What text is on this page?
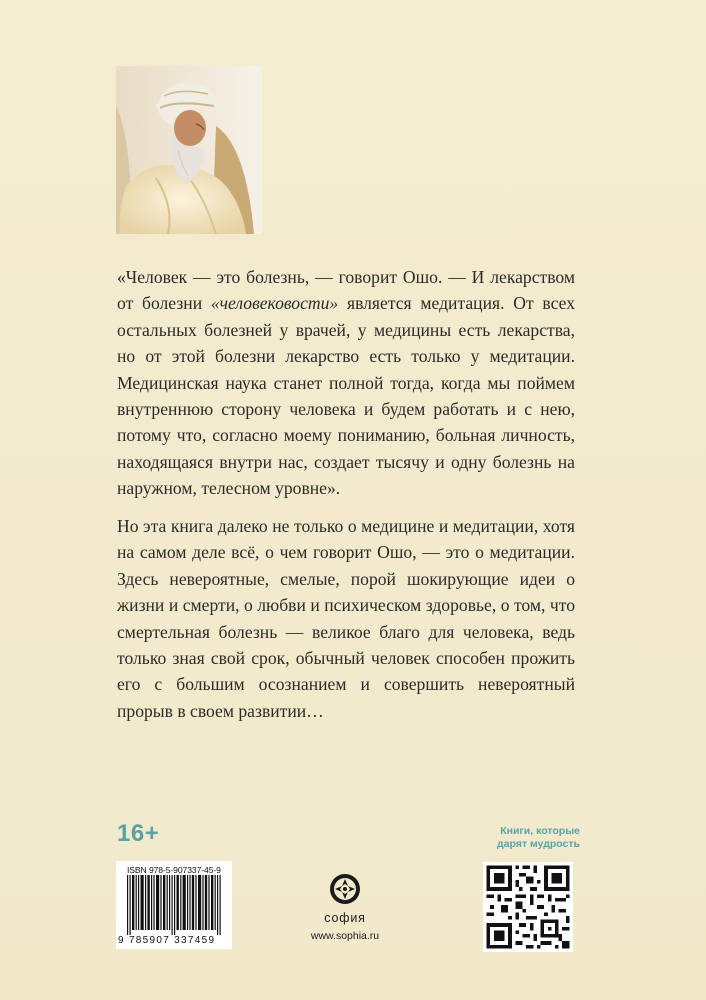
«Человек — это болезнь, — говорит Ошо. — И лекарством от болезни «человековости» является медитация. От всех остальных болезней у врачей, у медицины есть лекарства, но от этой болезни лекарство есть только у медитации. Медицинская наука станет полной тогда, когда мы поймем внутреннюю сторону человека и будем работать и с нею, потому что, согласно моему пониманию, больная личность, находящаяся внутри нас, создает тысячу и одну болезнь на наружном, телесном уровне».
Но эта книга далеко не только о медицине и медитации, хотя на самом деле всё, о чем говорит Ошо, — это о медитации. Здесь невероятные, смелые, порой шокирующие идеи о жизни и смерти, о любви и психическом здоровье, о том, что смертельная болезнь — великое благо для человека, ведь только зная свой срок, обычный человек способен прожить его с большим осознанием и совершить невероятный прорыв в своем развитии…
16+	Книги, которые
дарят мудрость
ISBN 978-5-907337-45-9
9 785907 337459
софия
www.sophia.ru
